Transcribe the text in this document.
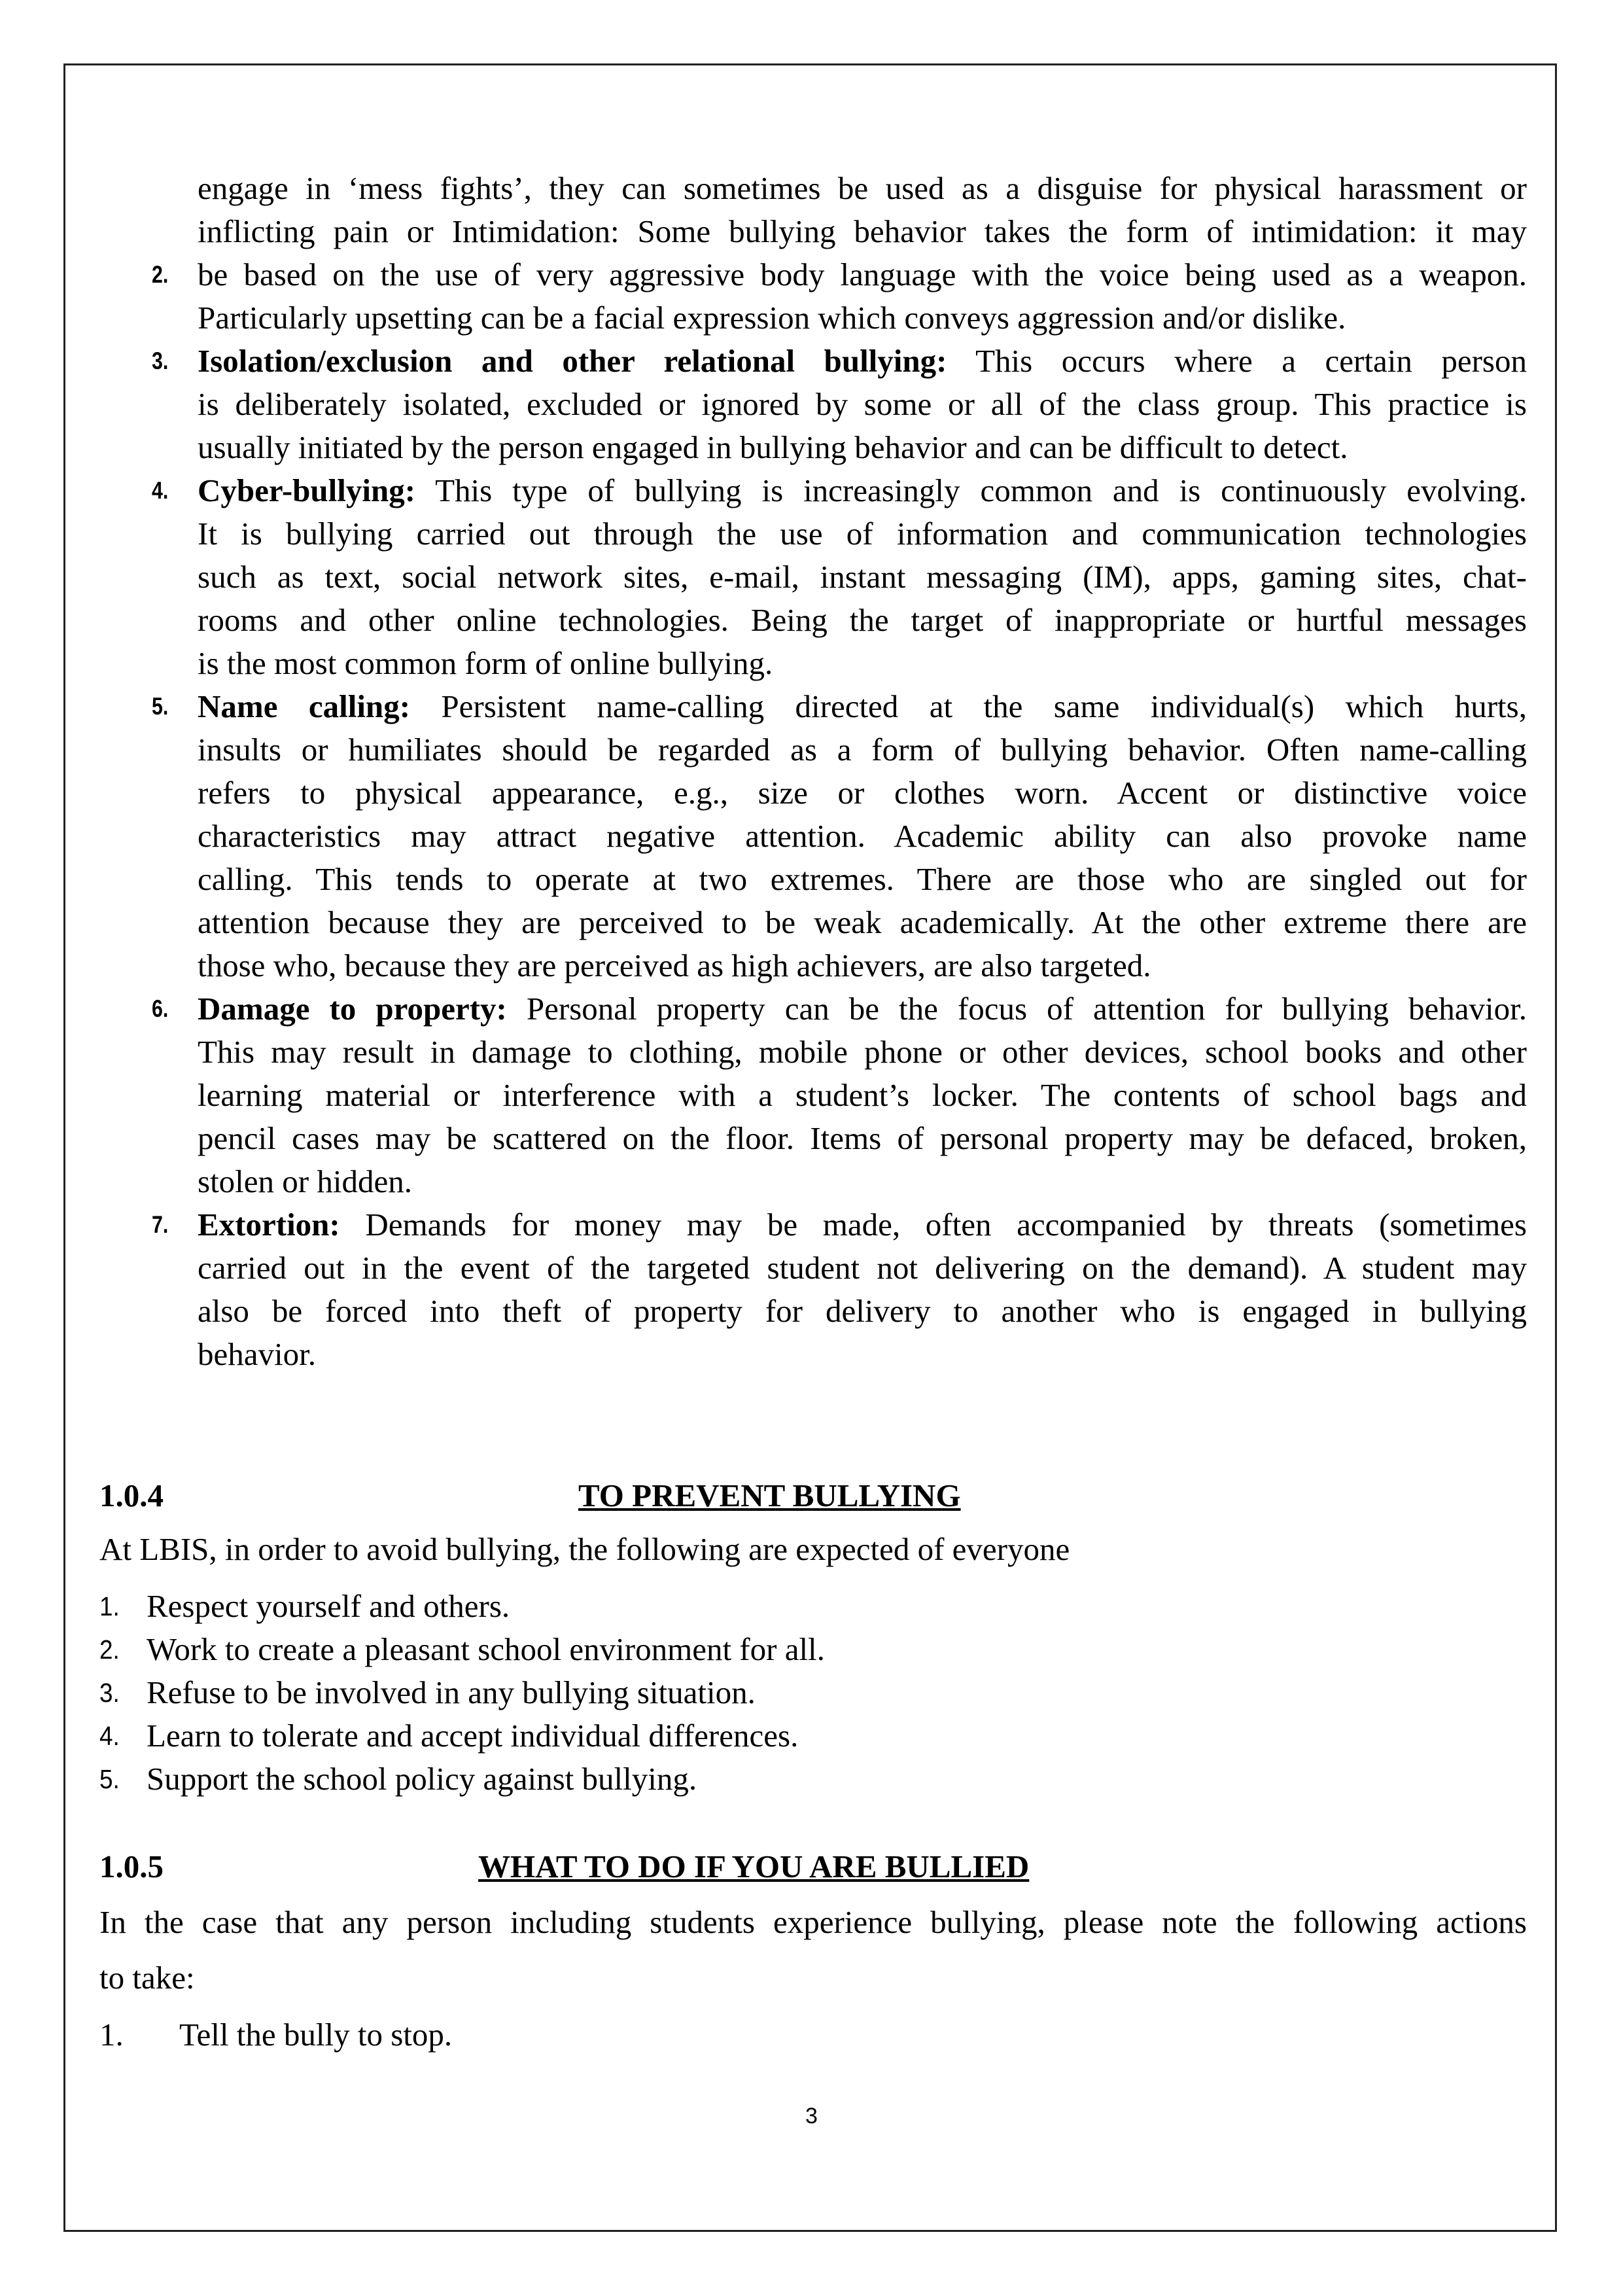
engage in ‘mess fights’, they can sometimes be used as a disguise for physical harassment or
inflicting pain or Intimidation: Some bullying behavior takes the form of intimidation: it may
2. be based on the use of very aggressive body language with the voice being used as a weapon.
Particularly upsetting can be a facial expression which conveys aggression and/or dislike.
3. Isolation/exclusion and other relational bullying: This occurs where a certain person
is deliberately isolated, excluded or ignored by some or all of the class group. This practice is
usually initiated by the person engaged in bullying behavior and can be difficult to detect.
4. Cyber-bullying: This type of bullying is increasingly common and is continuously evolving.
It is bullying carried out through the use of information and communication technologies
such as text, social network sites, e-mail, instant messaging (IM), apps, gaming sites, chat-
rooms and other online technologies. Being the target of inappropriate or hurtful messages
is the most common form of online bullying.
5. Name calling: Persistent name-calling directed at the same individual(s) which hurts,
insults or humiliates should be regarded as a form of bullying behavior. Often name-calling
refers to physical appearance, e.g., size or clothes worn. Accent or distinctive voice
characteristics may attract negative attention. Academic ability can also provoke name
calling. This tends to operate at two extremes. There are those who are singled out for
attention because they are perceived to be weak academically. At the other extreme there are
those who, because they are perceived as high achievers, are also targeted.
6. Damage to property: Personal property can be the focus of attention for bullying behavior.
This may result in damage to clothing, mobile phone or other devices, school books and other
learning material or interference with a student’s locker. The contents of school bags and
pencil cases may be scattered on the floor. Items of personal property may be defaced, broken,
stolen or hidden.
7. Extortion: Demands for money may be made, often accompanied by threats (sometimes
carried out in the event of the targeted student not delivering on the demand). A student may
also be forced into theft of property for delivery to another who is engaged in bullying
behavior.
1.0.4	TO PREVENT BULLYING
At LBIS, in order to avoid bullying, the following are expected of everyone
1. Respect yourself and others.
2. Work to create a pleasant school environment for all.
3. Refuse to be involved in any bullying situation.
4. Learn to tolerate and accept individual differences.
5. Support the school policy against bullying.
1.0.5	WHAT TO DO IF YOU ARE BULLIED
In the case that any person including students experience bullying, please note the following actions
to take:
1. Tell the bully to stop.
3
